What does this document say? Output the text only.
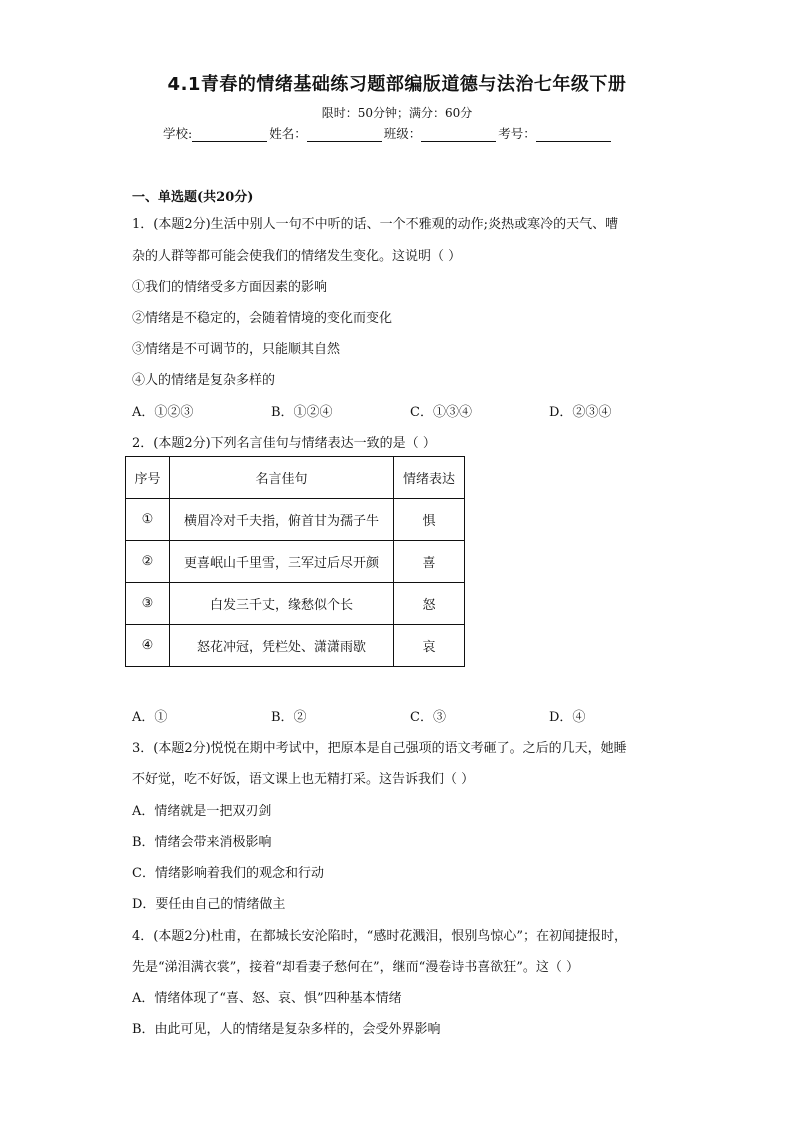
4.1青春的情绪基础练习题部编版道德与法治七年级下册
限时：50分钟；满分：60分
学校:	姓名：	班级：	考号：
一、单选题(共20分)
1．(本题2分)生活中别人一句不中听的话、一个不雅观的动作;炎热或寒冷的天气、嘈
杂的人群等都可能会使我们的情绪发生变化。这说明（ ）
①我们的情绪受多方面因素的影响
②情绪是不稳定的，会随着情境的变化而变化
③情绪是不可调节的，只能顺其自然
④人的情绪是复杂多样的
A．①②③	B．①②④	C．①③④	D．②③④
2．(本题2分)下列名言佳句与情绪表达一致的是（ ）
序号	名言佳句	情绪表达
①	横眉冷对千夫指，俯首甘为孺子牛	惧
②	更喜岷山千里雪，三军过后尽开颜	喜
③	白发三千丈，缘愁似个长	怒
④	怒花冲冠，凭栏处、潇潇雨歇	哀
A．①	B．②	C．③	D．④
3．(本题2分)悦悦在期中考试中，把原本是自己强项的语文考砸了。之后的几天，她睡
不好觉，吃不好饭，语文课上也无精打采。这告诉我们（ ）
A．情绪就是一把双刃剑
B．情绪会带来消极影响
C．情绪影响着我们的观念和行动
D．要任由自己的情绪做主
4．(本题2分)杜甫，在都城长安沦陷时，“感时花溅泪，恨别鸟惊心”；在初闻捷报时，
先是“涕泪满衣裳”，接着“却看妻子愁何在”，继而“漫卷诗书喜欲狂”。这（ ）
A．情绪体现了“喜、怒、哀、惧”四种基本情绪
B．由此可见，人的情绪是复杂多样的，会受外界影响
